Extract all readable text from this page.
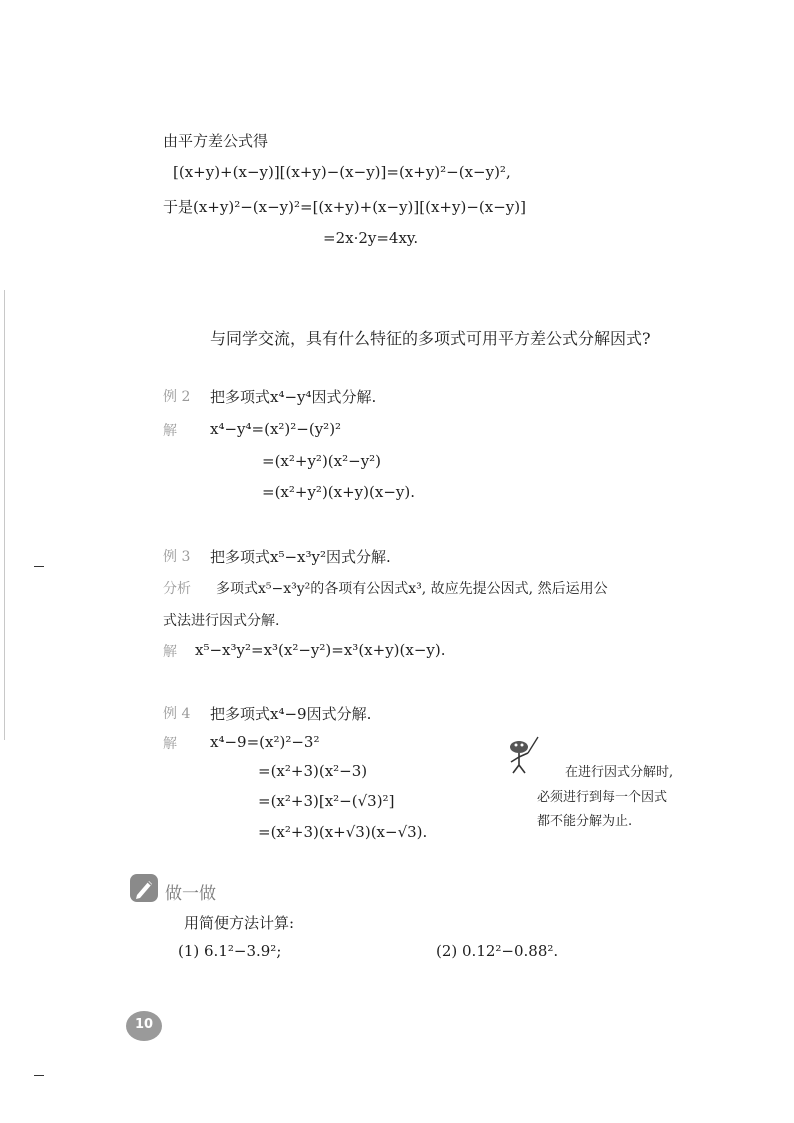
由平方差公式得
[(x+y)+(x−y)][(x+y)−(x−y)]=(x+y)²−(x−y)²,
于是(x+y)²−(x−y)²=[(x+y)+(x−y)][(x+y)−(x−y)]
=2x·2y=4xy.
与同学交流，具有什么特征的多项式可用平方差公式分解因式?
例 2 把多项式x⁴−y⁴因式分解.
解 x⁴−y⁴=(x²)²−(y²)²
=(x²+y²)(x²−y²)
=(x²+y²)(x+y)(x−y).
例 3 把多项式x⁵−x³y²因式分解.
分析 多项式x⁵−x³y²的各项有公因式x³, 故应先提公因式, 然后运用公
式法进行因式分解.
解 x⁵−x³y²=x³(x²−y²)=x³(x+y)(x−y).
例 4 把多项式x⁴−9因式分解.
解 x⁴−9=(x²)²−3²
=(x²+3)(x²−3)
=(x²+3)[x²−(√3)²]
=(x²+3)(x+√3)(x−√3).
在进行因式分解时,
必须进行到每一个因式
都不能分解为止.
做一做
用简便方法计算:
(1) 6.1²−3.9²;	(2) 0.12²−0.88².
10
